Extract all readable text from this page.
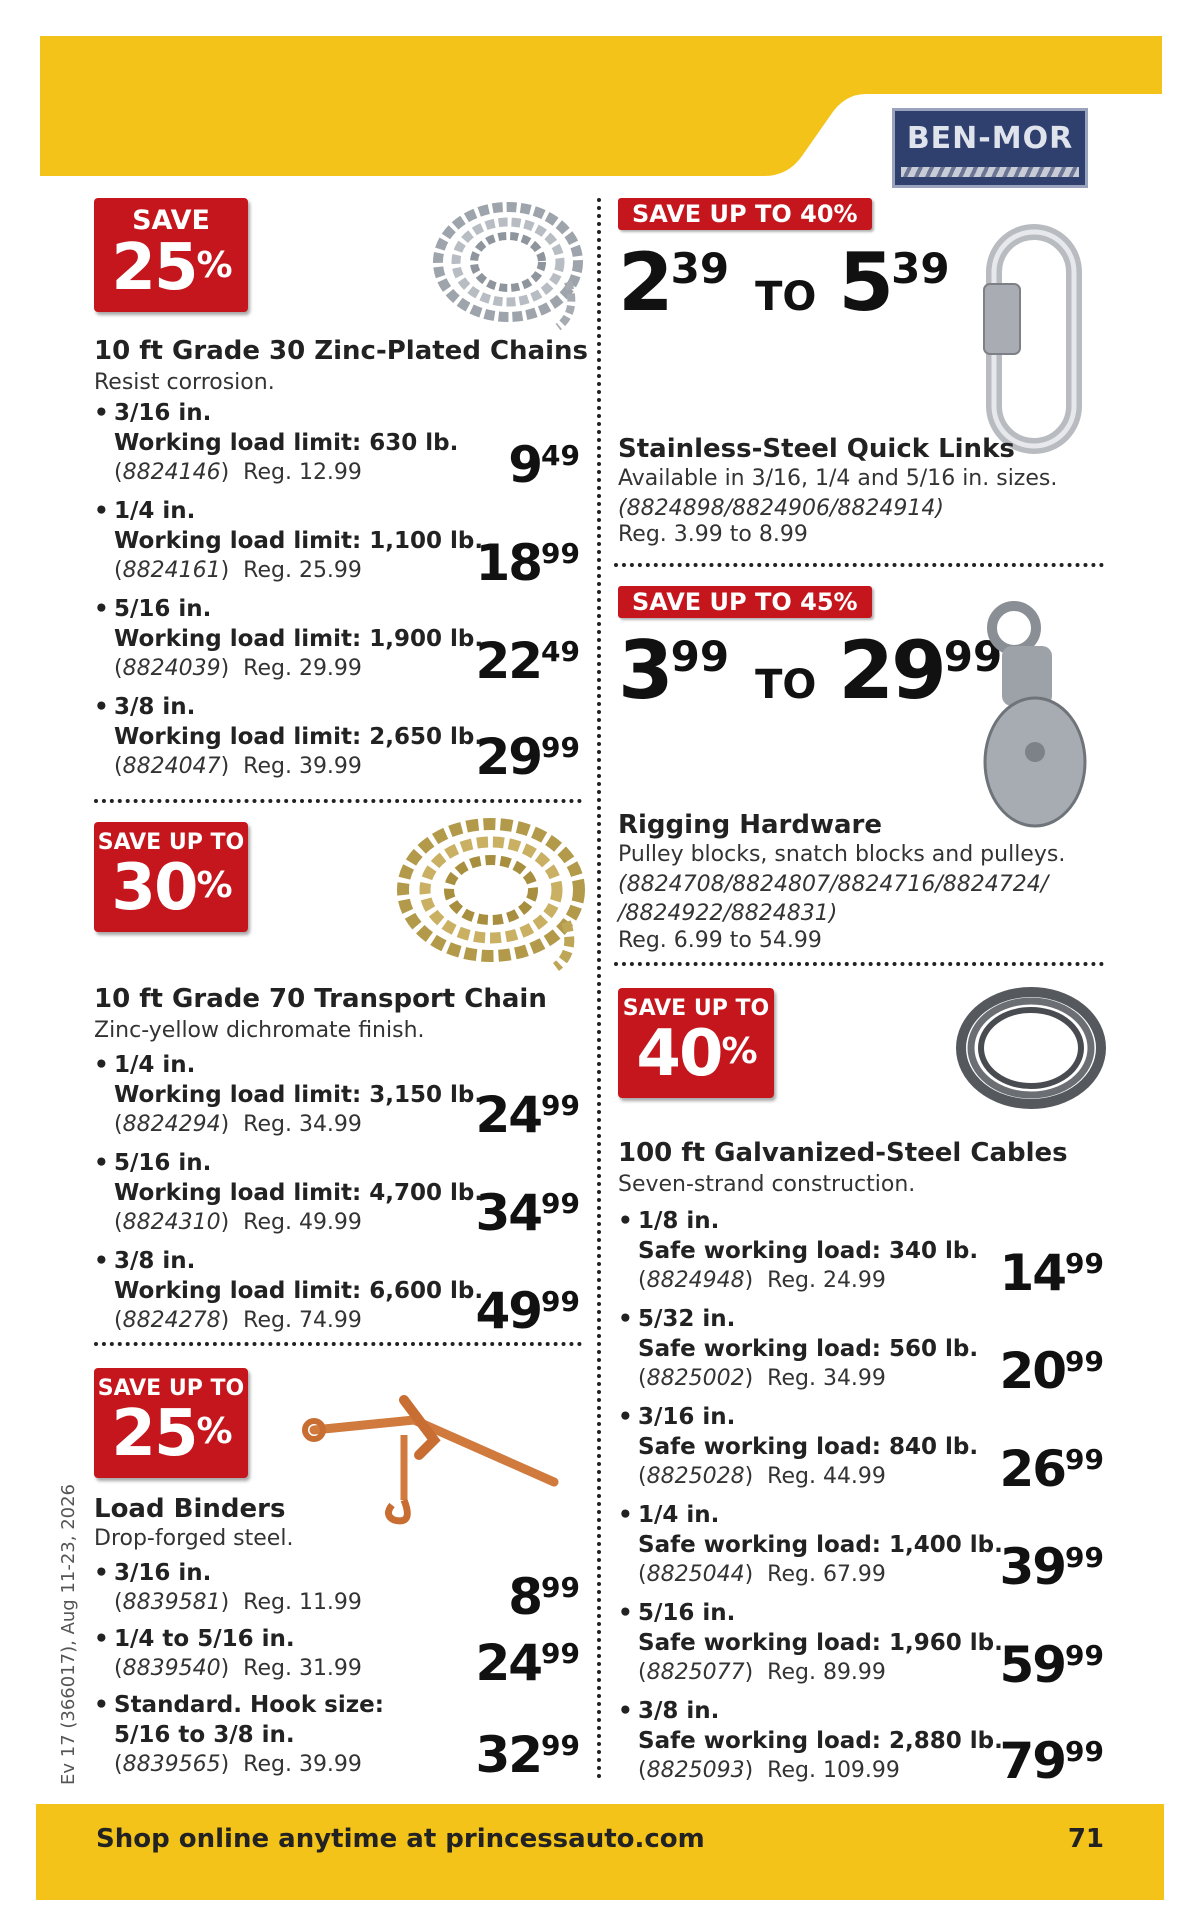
BEN-MOR
SAVE
25%
10 ft Grade 30 Zinc-Plated Chains
Resist corrosion.
• 3/16 in.
Working load limit: 630 lb.
(8824146)  Reg. 12.99	949
• 1/4 in.
Working load limit: 1,100 lb.
(8824161)  Reg. 25.99	1899
• 5/16 in.
Working load limit: 1,900 lb.
(8824039)  Reg. 29.99	2249
• 3/8 in.
Working load limit: 2,650 lb.
(8824047)  Reg. 39.99	2999
SAVE UP TO
30%
10 ft Grade 70 Transport Chain
Zinc-yellow dichromate finish.
• 1/4 in.
Working load limit: 3,150 lb.
(8824294)  Reg. 34.99	2499
• 5/16 in.
Working load limit: 4,700 lb.
(8824310)  Reg. 49.99	3499
• 3/8 in.
Working load limit: 6,600 lb.
(8824278)  Reg. 74.99	4999
SAVE UP TO
25%
Load Binders
Drop-forged steel.
• 3/16 in.
(8839581)  Reg. 11.99	899
• 1/4 to 5/16 in.
(8839540)  Reg. 31.99	2499
• Standard. Hook size:
5/16 to 3/8 in.
(8839565)  Reg. 39.99	3299
SAVE UP TO 40%
239TO 539
Stainless-Steel Quick Links
Available in 3/16, 1/4 and 5/16 in. sizes.
(8824898/8824906/8824914)
Reg. 3.99 to 8.99
SAVE UP TO 45%
399TO 2999
Rigging Hardware
Pulley blocks, snatch blocks and pulleys.
(8824708/8824807/8824716/8824724/
/8824922/8824831)
Reg. 6.99 to 54.99
SAVE UP TO
40%
100 ft Galvanized-Steel Cables
Seven-strand construction.
• 1/8 in.
Safe working load: 340 lb.
(8824948)  Reg. 24.99	1499
• 5/32 in.
Safe working load: 560 lb.
(8825002)  Reg. 34.99	2099
• 3/16 in.
Safe working load: 840 lb.
(8825028)  Reg. 44.99	2699
• 1/4 in.
Safe working load: 1,400 lb.
(8825044)  Reg. 67.99	3999
• 5/16 in.
Safe working load: 1,960 lb.
(8825077)  Reg. 89.99	5999
• 3/8 in.
Safe working load: 2,880 lb.
(8825093)  Reg. 109.99	7999
Ev 17 (366017), Aug 11-23, 2026
Shop online anytime at princessauto.com	71
